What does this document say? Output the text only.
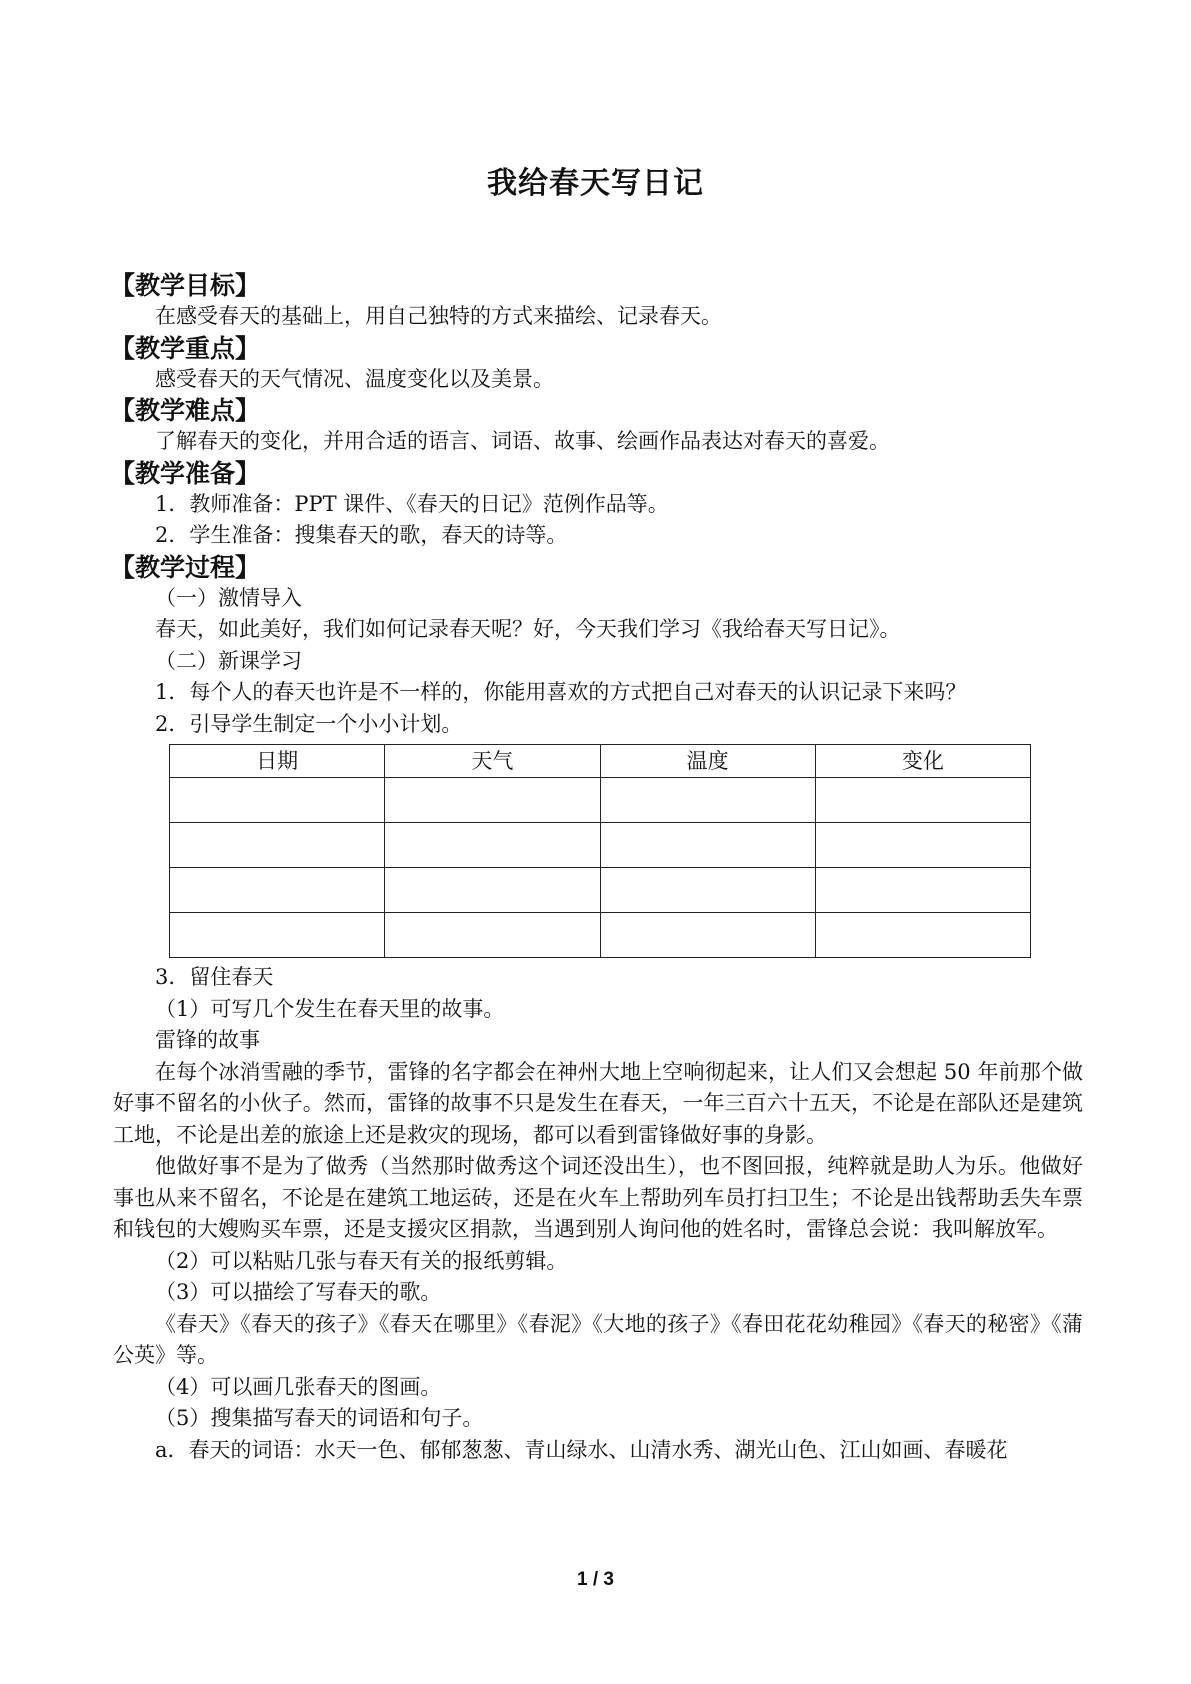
我给春天写日记
【教学目标】

在感受春天的基础上，用自己独特的方式来描绘、记录春天。

【教学重点】

感受春天的天气情况、温度变化以及美景。

【教学难点】

了解春天的变化，并用合适的语言、词语、故事、绘画作品表达对春天的喜爱。

【教学准备】

1．教师准备：PPT 课件、《春天的日记》范例作品等。

2．学生准备：搜集春天的歌，春天的诗等。

【教学过程】

（一）激情导入

春天，如此美好，我们如何记录春天呢？好，今天我们学习《我给春天写日记》。

（二）新课学习

1．每个人的春天也许是不一样的，你能用喜欢的方式把自己对春天的认识记录下来吗？

2．引导学生制定一个小小计划。

日期	天气	温度	变化

3．留住春天

（1）可写几个发生在春天里的故事。

雷锋的故事

在每个冰消雪融的季节，雷锋的名字都会在神州大地上空响彻起来，让人们又会想起 50 年前那个做好事不留名的小伙子。然而，雷锋的故事不只是发生在春天，一年三百六十五天，不论是在部队还是建筑工地，不论是出差的旅途上还是救灾的现场，都可以看到雷锋做好事的身影。

他做好事不是为了做秀（当然那时做秀这个词还没出生），也不图回报，纯粹就是助人为乐。他做好事也从来不留名，不论是在建筑工地运砖，还是在火车上帮助列车员打扫卫生；不论是出钱帮助丢失车票和钱包的大嫂购买车票，还是支援灾区捐款，当遇到别人询问他的姓名时，雷锋总会说：我叫解放军。

（2）可以粘贴几张与春天有关的报纸剪辑。

（3）可以描绘了写春天的歌。

《春天》《春天的孩子》《春天在哪里》《春泥》《大地的孩子》《春田花花幼稚园》《春天的秘密》《蒲公英》等。

（4）可以画几张春天的图画。

（5）搜集描写春天的词语和句子。

a．春天的词语：水天一色、郁郁葱葱、青山绿水、山清水秀、湖光山色、江山如画、春暖花

1 / 3
